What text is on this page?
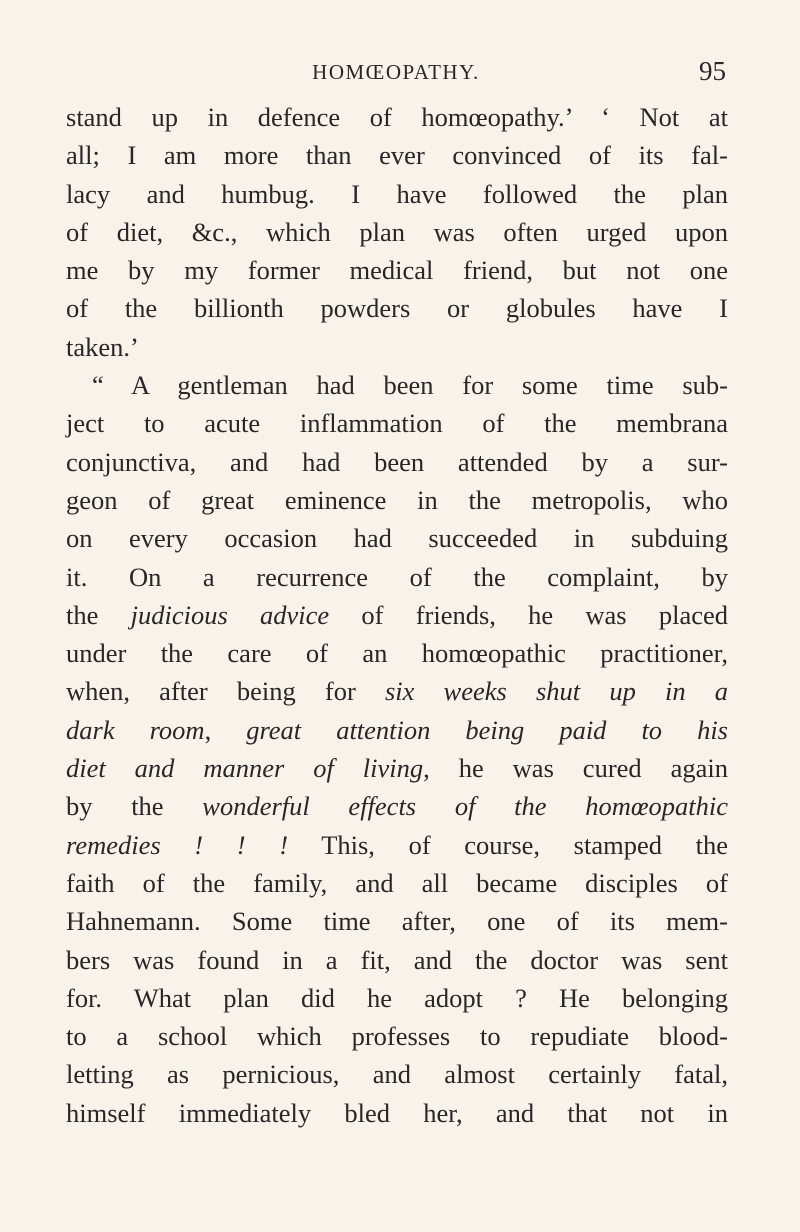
HOMŒOPATHY.	95
stand up in defence of homœopathy.’ ‘ Not at
all; I am more than ever convinced of its fal-
lacy and humbug. I have followed the plan
of diet, &c., which plan was often urged upon
me by my former medical friend, but not one
of the billionth powders or globules have I
taken.’
“ A gentleman had been for some time sub-
ject to acute inflammation of the membrana
conjunctiva, and had been attended by a sur-
geon of great eminence in the metropolis, who
on every occasion had succeeded in subduing
it. On a recurrence of the complaint, by
the judicious advice of friends, he was placed
under the care of an homœopathic practitioner,
when, after being for six weeks shut up in a
dark room, great attention being paid to his
diet and manner of living, he was cured again
by the wonderful effects of the homœopathic
remedies ! ! ! This, of course, stamped the
faith of the family, and all became disciples of
Hahnemann. Some time after, one of its mem-
bers was found in a fit, and the doctor was sent
for. What plan did he adopt ? He belonging
to a school which professes to repudiate blood-
letting as pernicious, and almost certainly fatal,
himself immediately bled her, and that not in
